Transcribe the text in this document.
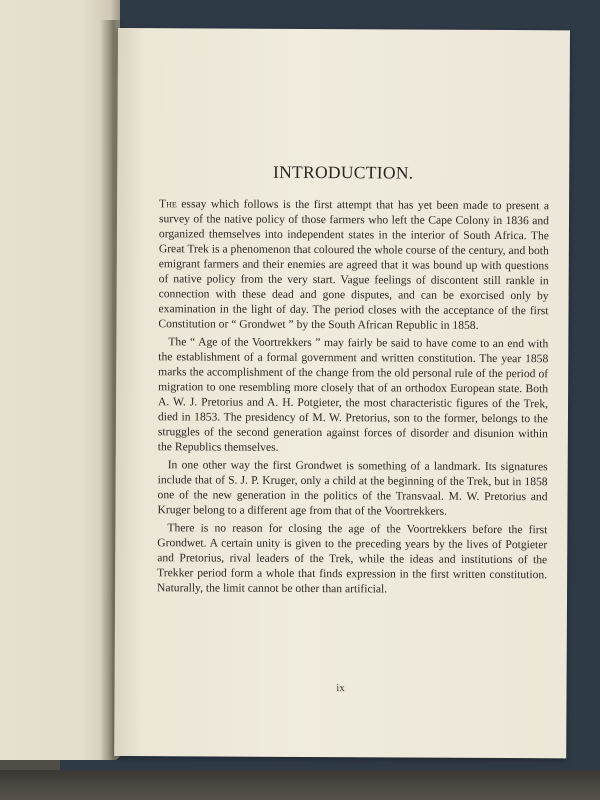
INTRODUCTION.

The essay which follows is the first attempt that has yet been made to present a survey of the native policy of those farmers who left the Cape Colony in 1836 and organized themselves into independent states in the interior of South Africa. The Great Trek is a phenomenon that coloured the whole course of the century, and both emigrant farmers and their enemies are agreed that it was bound up with questions of native policy from the very start. Vague feelings of discontent still rankle in connection with these dead and gone disputes, and can be exorcised only by examination in the light of day. The period closes with the acceptance of the first Constitution or “ Grondwet ” by the South African Republic in 1858.

The “ Age of the Voortrekkers ” may fairly be said to have come to an end with the establishment of a formal government and written constitution. The year 1858 marks the accomplishment of the change from the old personal rule of the period of migration to one resembling more closely that of an orthodox European state. Both A. W. J. Pretorius and A. H. Potgieter, the most characteristic figures of the Trek, died in 1853. The presidency of M. W. Pretorius, son to the former, belongs to the struggles of the second generation against forces of disorder and disunion within the Republics themselves.

In one other way the first Grondwet is something of a landmark. Its signatures include that of S. J. P. Kruger, only a child at the beginning of the Trek, but in 1858 one of the new generation in the politics of the Transvaal. M. W. Pretorius and Kruger belong to a different age from that of the Voortrekkers.

There is no reason for closing the age of the Voortrekkers before the first Grondwet. A certain unity is given to the preceding years by the lives of Potgieter and Pretorius, rival leaders of the Trek, while the ideas and institutions of the Trekker period form a whole that finds expression in the first written constitution. Naturally, the limit cannot be other than artificial.

ix
